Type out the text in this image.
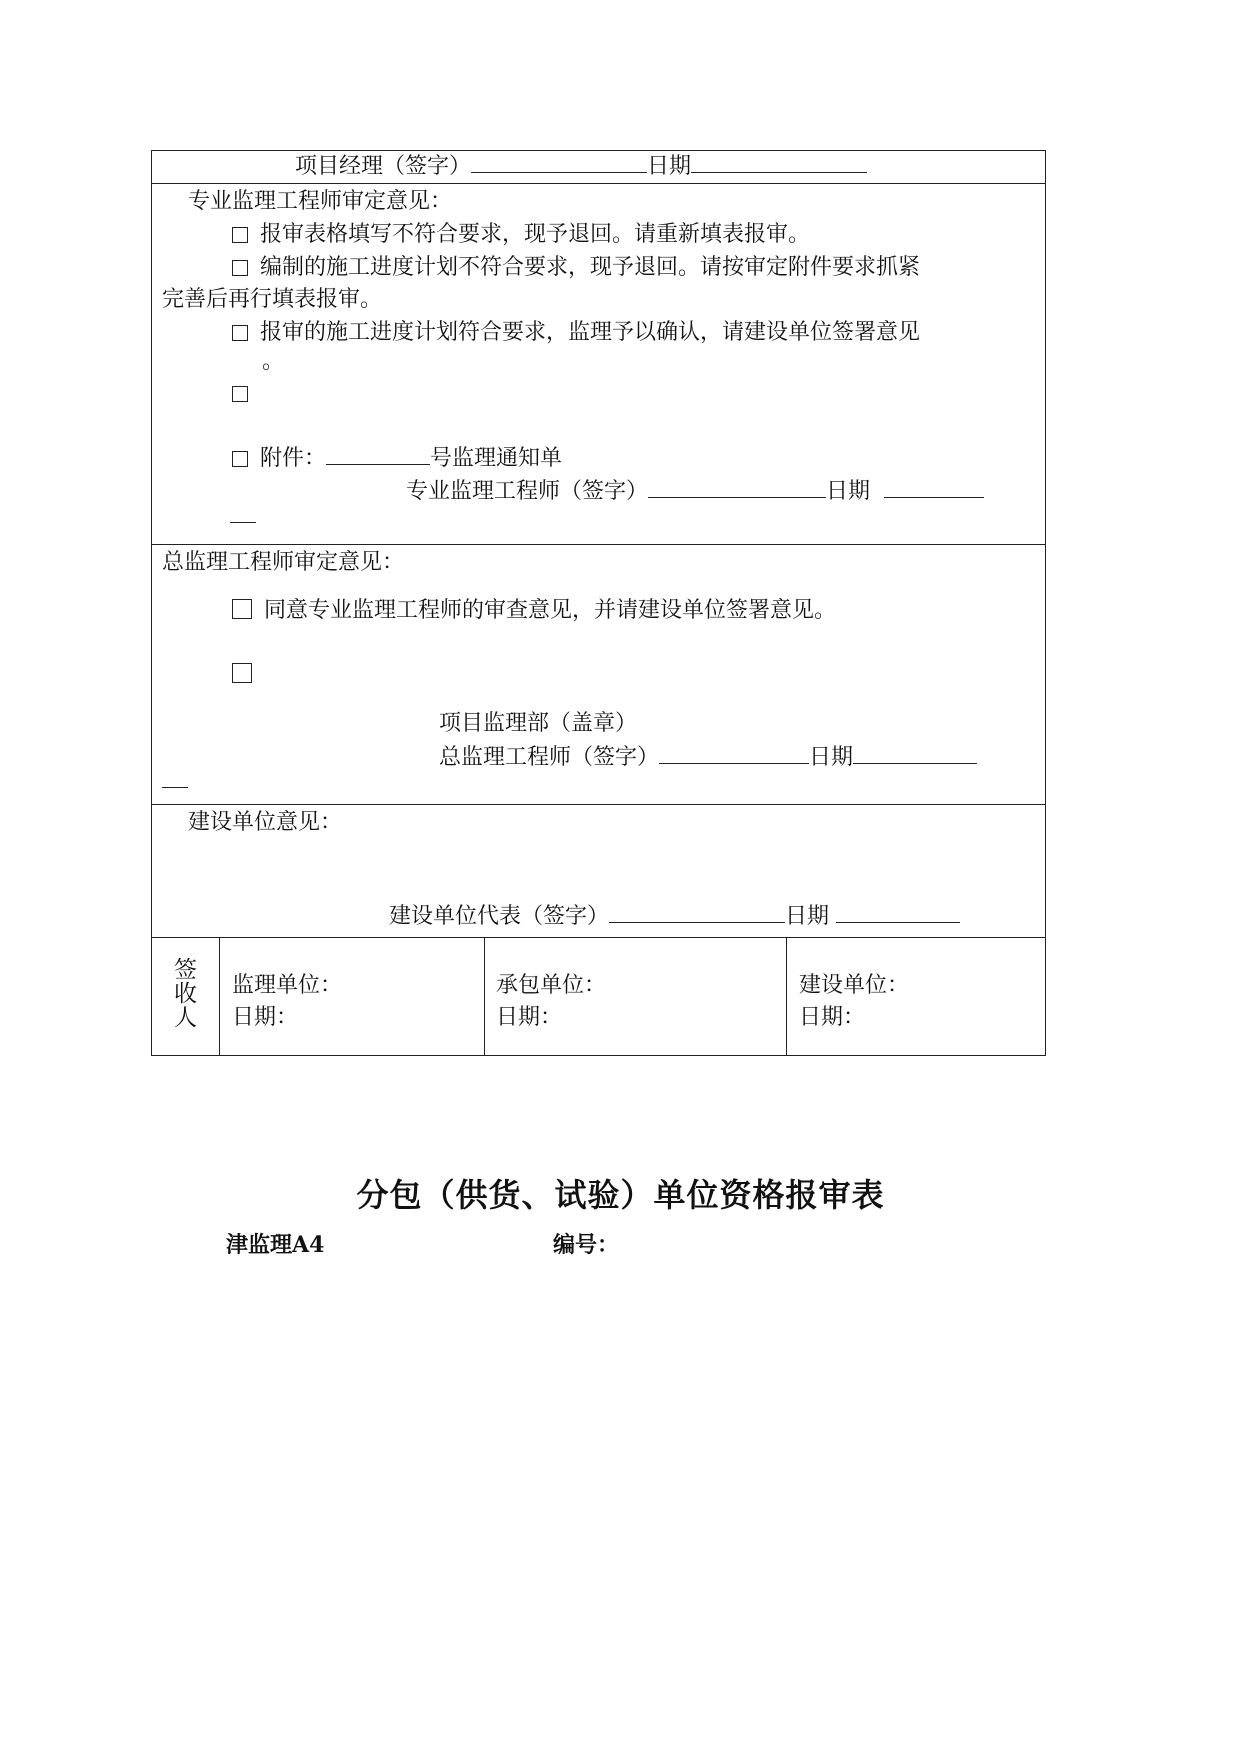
项目经理（签字）	日期

专业监理工程师审定意见：
报审表格填写不符合要求，现予退回。请重新填表报审。
编制的施工进度计划不符合要求，现予退回。请按审定附件要求抓紧
完善后再行填表报审。
报审的施工进度计划符合要求，监理予以确认，请建设单位签署意见
。
附件：	号监理通知单
专业监理工程师（签字）	日期

总监理工程师审定意见：
同意专业监理工程师的审查意见，并请建设单位签署意见。
项目监理部（盖章）
总监理工程师（签字）	日期

建设单位意见：
建设单位代表（签字）	日期

签
收
人

监理单位：
日期：

承包单位：
日期：

建设单位：
日期：
分包（供货、试验）单位资格报审表
津监理A4	编号：
